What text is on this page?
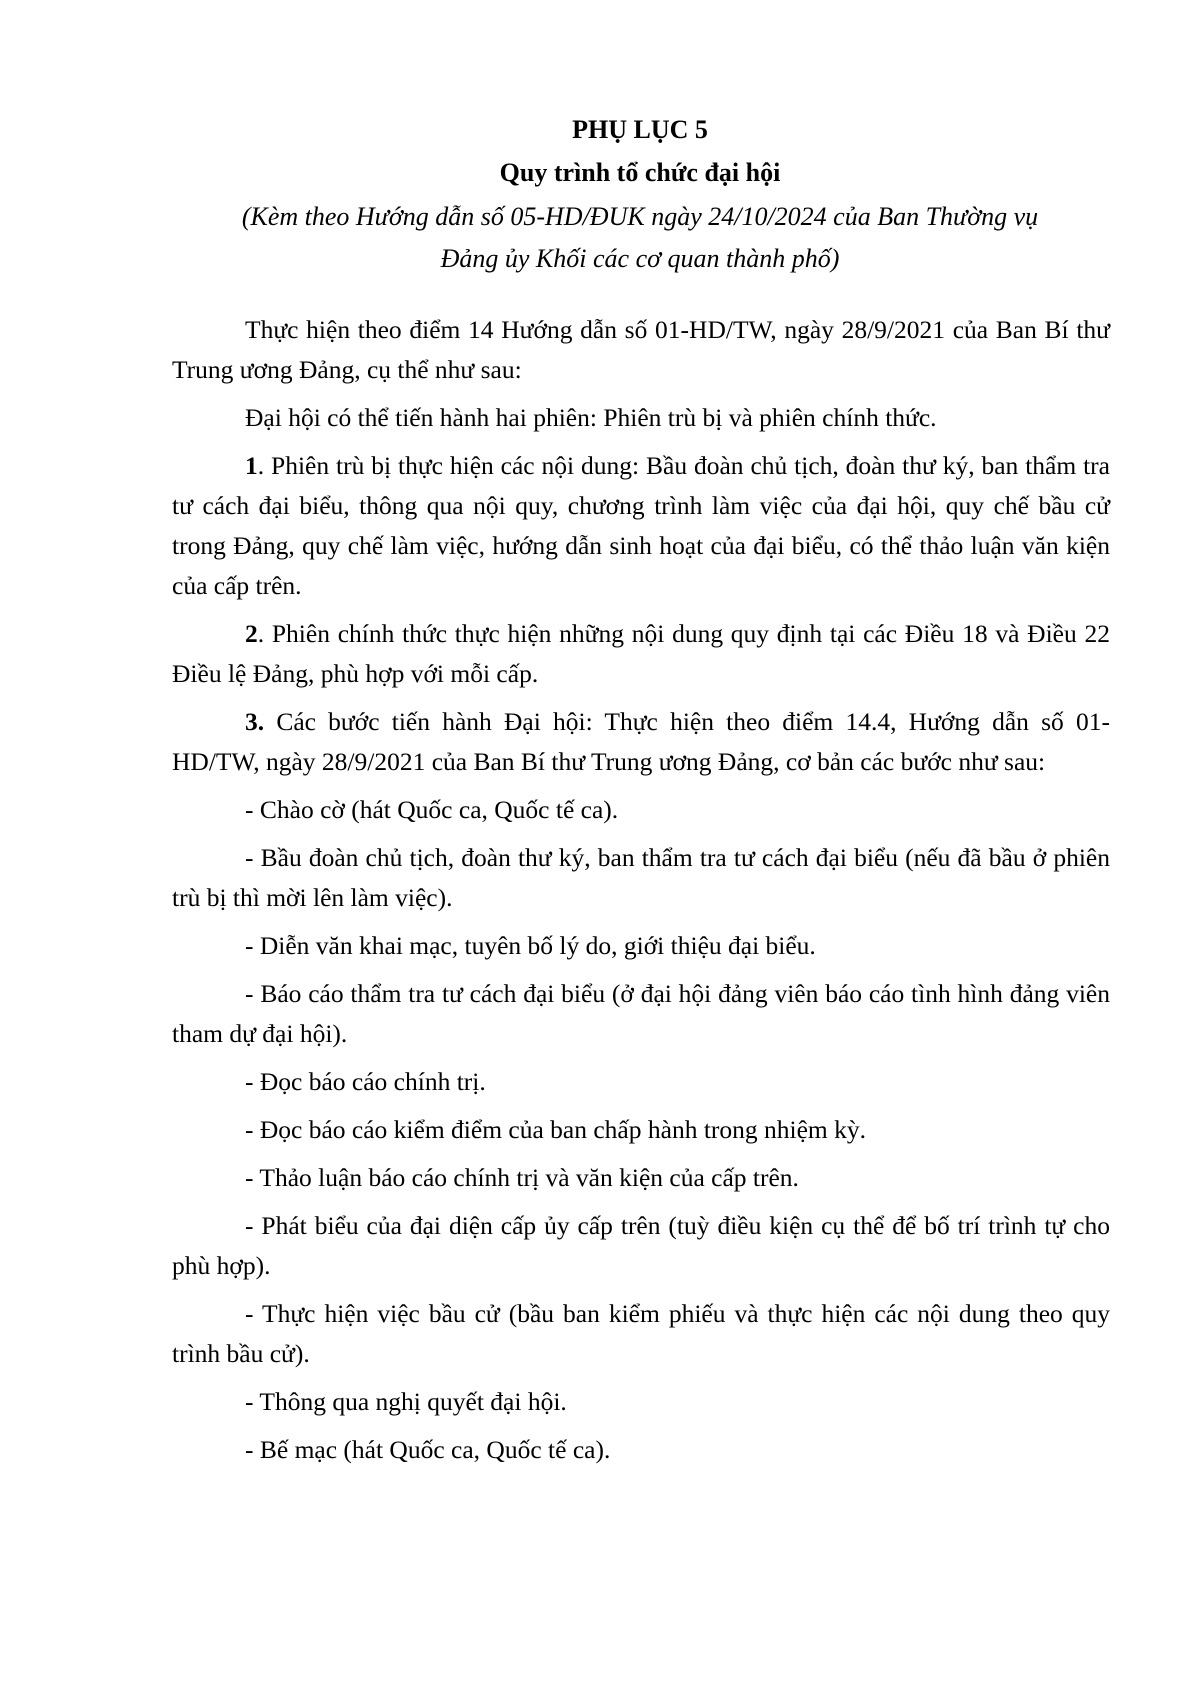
PHỤ LỤC 5
Quy trình tổ chức đại hội
(Kèm theo Hướng dẫn số 05-HD/ĐUK ngày 24/10/2024 của Ban Thường vụ
Đảng ủy Khối các cơ quan thành phố)

Thực hiện theo điểm 14 Hướng dẫn số 01-HD/TW, ngày 28/9/2021 của Ban Bí thư Trung ương Đảng, cụ thể như sau:

Đại hội có thể tiến hành hai phiên: Phiên trù bị và phiên chính thức.

1. Phiên trù bị thực hiện các nội dung: Bầu đoàn chủ tịch, đoàn thư ký, ban thẩm tra tư cách đại biểu, thông qua nội quy, chương trình làm việc của đại hội, quy chế bầu cử trong Đảng, quy chế làm việc, hướng dẫn sinh hoạt của đại biểu, có thể thảo luận văn kiện của cấp trên.

2. Phiên chính thức thực hiện những nội dung quy định tại các Điều 18 và Điều 22 Điều lệ Đảng, phù hợp với mỗi cấp.

3. Các bước tiến hành Đại hội: Thực hiện theo điểm 14.4, Hướng dẫn số 01-HD/TW, ngày 28/9/2021 của Ban Bí thư Trung ương Đảng, cơ bản các bước như sau:

- Chào cờ (hát Quốc ca, Quốc tế ca).

- Bầu đoàn chủ tịch, đoàn thư ký, ban thẩm tra tư cách đại biểu (nếu đã bầu ở phiên trù bị thì mời lên làm việc).

- Diễn văn khai mạc, tuyên bố lý do, giới thiệu đại biểu.

- Báo cáo thẩm tra tư cách đại biểu (ở đại hội đảng viên báo cáo tình hình đảng viên tham dự đại hội).

- Đọc báo cáo chính trị.

- Đọc báo cáo kiểm điểm của ban chấp hành trong nhiệm kỳ.

- Thảo luận báo cáo chính trị và văn kiện của cấp trên.

- Phát biểu của đại diện cấp ủy cấp trên (tuỳ điều kiện cụ thể để bố trí trình tự cho phù hợp).

- Thực hiện việc bầu cử (bầu ban kiểm phiếu và thực hiện các nội dung theo quy trình bầu cử).

- Thông qua nghị quyết đại hội.

- Bế mạc (hát Quốc ca, Quốc tế ca).
